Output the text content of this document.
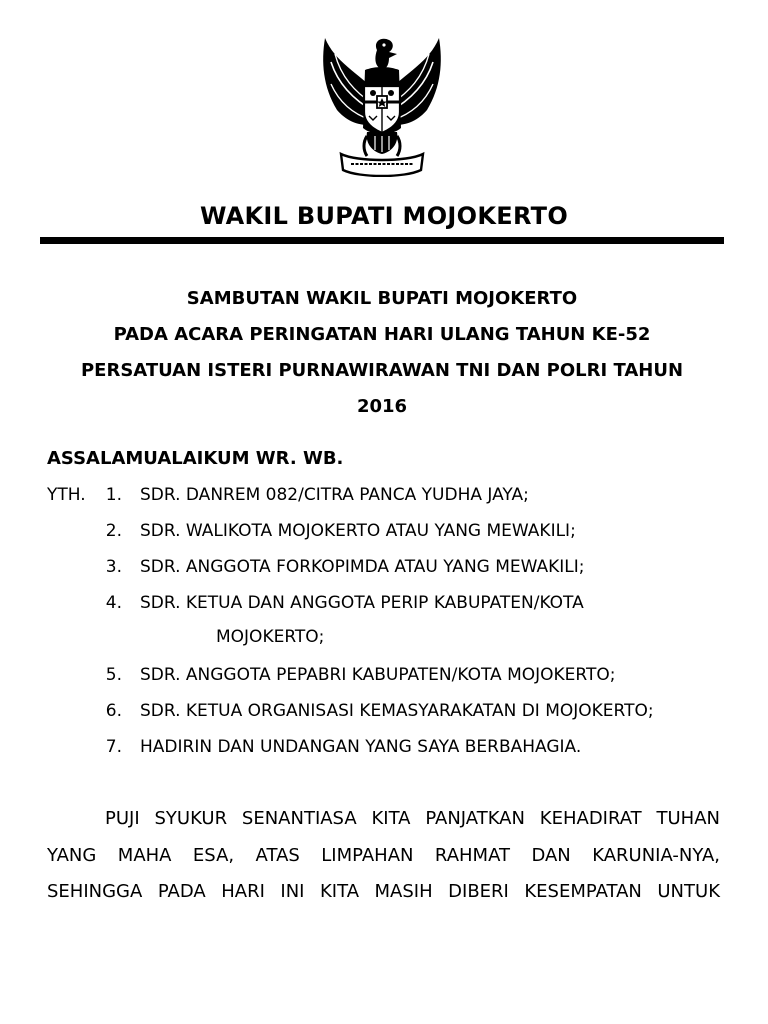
WAKIL BUPATI MOJOKERTO
SAMBUTAN WAKIL BUPATI MOJOKERTO
PADA ACARA PERINGATAN HARI ULANG TAHUN KE-52
PERSATUAN ISTERI PURNAWIRAWAN TNI DAN POLRI TAHUN
2016
ASSALAMUALAIKUM WR. WB.
YTH.	1. SDR. DANREM 082/CITRA PANCA YUDHA JAYA;
2. SDR. WALIKOTA MOJOKERTO ATAU YANG MEWAKILI;
3. SDR. ANGGOTA FORKOPIMDA ATAU YANG MEWAKILI;
4. SDR. KETUA DAN ANGGOTA PERIP KABUPATEN/KOTA
MOJOKERTO;
5. SDR. ANGGOTA PEPABRI KABUPATEN/KOTA MOJOKERTO;
6. SDR. KETUA ORGANISASI KEMASYARAKATAN DI MOJOKERTO;
7. HADIRIN DAN UNDANGAN YANG SAYA BERBAHAGIA.
PUJI SYUKUR SENANTIASA KITA PANJATKAN KEHADIRAT TUHAN
YANG MAHA ESA, ATAS LIMPAHAN RAHMAT DAN KARUNIA-NYA,
SEHINGGA PADA HARI INI KITA MASIH DIBERI KESEMPATAN UNTUK
